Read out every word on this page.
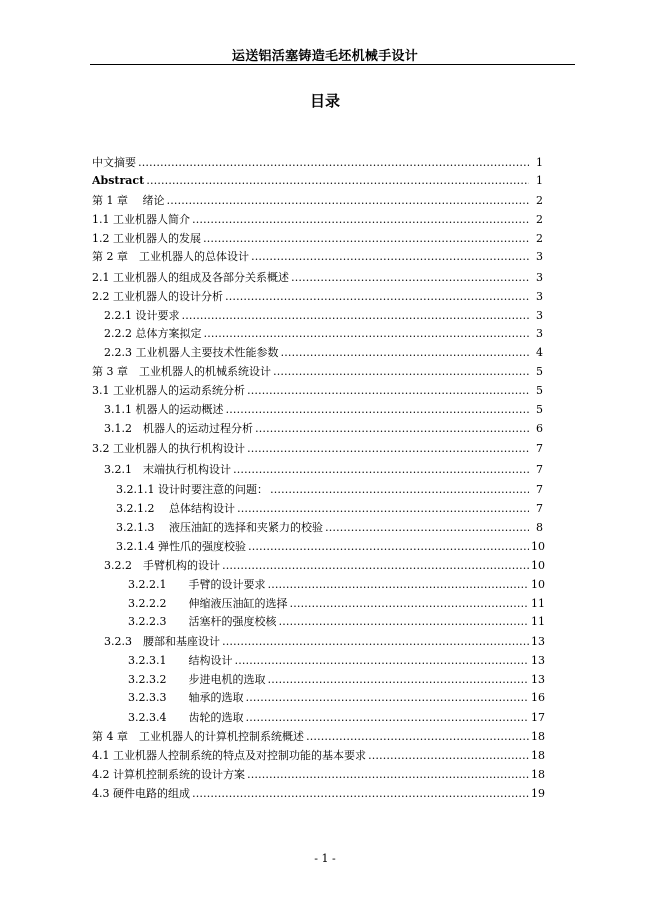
运送铝活塞铸造毛坯机械手设计
目录
中文摘要 ……………………………………………………………………………………………………………………………………………………………………………………………	1
Abstract ……………………………………………………………………………………………………………………………………………………………………………………………	1
第 1 章　 绪论 ……………………………………………………………………………………………………………………………………………………………………………………………	2
1.1 工业机器人简介 ……………………………………………………………………………………………………………………………………………………………………………………………	2
1.2 工业机器人的发展 ……………………………………………………………………………………………………………………………………………………………………………………………	2
第 2 章　工业机器人的总体设计 ……………………………………………………………………………………………………………………………………………………………………………………………	3
2.1 工业机器人的组成及各部分关系概述 ……………………………………………………………………………………………………………………………………………………………………………………………	3
2.2 工业机器人的设计分析 ……………………………………………………………………………………………………………………………………………………………………………………………	3
2.2.1 设计要求 ……………………………………………………………………………………………………………………………………………………………………………………………	3
2.2.2 总体方案拟定 ……………………………………………………………………………………………………………………………………………………………………………………………	3
2.2.3 工业机器人主要技术性能参数 ……………………………………………………………………………………………………………………………………………………………………………………………	4
第 3 章　工业机器人的机械系统设计 ……………………………………………………………………………………………………………………………………………………………………………………………	5
3.1 工业机器人的运动系统分析 ……………………………………………………………………………………………………………………………………………………………………………………………	5
3.1.1 机器人的运动概述 ……………………………………………………………………………………………………………………………………………………………………………………………	5
3.1.2　机器人的运动过程分析 ……………………………………………………………………………………………………………………………………………………………………………………………	6
3.2 工业机器人的执行机构设计 ……………………………………………………………………………………………………………………………………………………………………………………………	7
3.2.1　末端执行机构设计 ……………………………………………………………………………………………………………………………………………………………………………………………	7
3.2.1.1 设计时要注意的问题： ……………………………………………………………………………………………………………………………………………………………………………………………	7
3.2.1.2　 总体结构设计 ……………………………………………………………………………………………………………………………………………………………………………………………	7
3.2.1.3　 液压油缸的选择和夹紧力的校验 ……………………………………………………………………………………………………………………………………………………………………………………………	8
3.2.1.4 弹性爪的强度校验 ……………………………………………………………………………………………………………………………………………………………………………………………	10
3.2.2　手臂机构的设计 ……………………………………………………………………………………………………………………………………………………………………………………………	10
3.2.2.1　　手臂的设计要求 ……………………………………………………………………………………………………………………………………………………………………………………………	10
3.2.2.2　　伸缩液压油缸的选择 ……………………………………………………………………………………………………………………………………………………………………………………………	11
3.2.2.3　　活塞杆的强度校核 ……………………………………………………………………………………………………………………………………………………………………………………………	11
3.2.3　腰部和基座设计 ……………………………………………………………………………………………………………………………………………………………………………………………	13
3.2.3.1　　结构设计 ……………………………………………………………………………………………………………………………………………………………………………………………	13
3.2.3.2　　步进电机的选取 ……………………………………………………………………………………………………………………………………………………………………………………………	13
3.2.3.3　　轴承的选取 ……………………………………………………………………………………………………………………………………………………………………………………………	16
3.2.3.4　　齿轮的选取 ……………………………………………………………………………………………………………………………………………………………………………………………	17
第 4 章　工业机器人的计算机控制系统概述 ……………………………………………………………………………………………………………………………………………………………………………………………	18
4.1 工业机器人控制系统的特点及对控制功能的基本要求 ……………………………………………………………………………………………………………………………………………………………………………………………	18
4.2 计算机控制系统的设计方案 ……………………………………………………………………………………………………………………………………………………………………………………………	18
4.3 硬件电路的组成 ……………………………………………………………………………………………………………………………………………………………………………………………	19
- 1 -
